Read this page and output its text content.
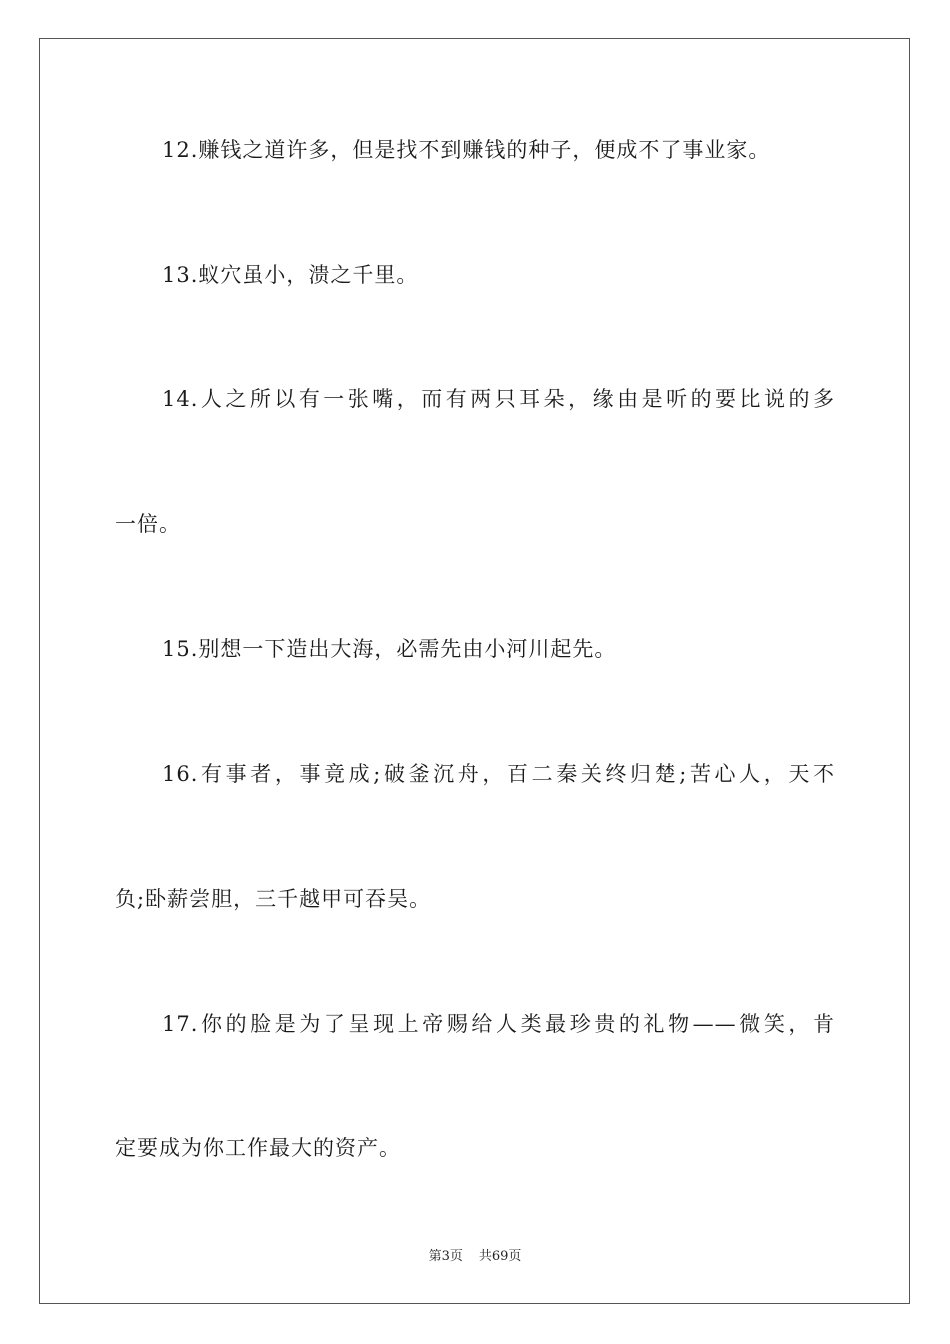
12.赚钱之道许多，但是找不到赚钱的种子，便成不了事业家。
13.蚁穴虽小，溃之千里。
14.人之所以有一张嘴，而有两只耳朵，缘由是听的要比说的多
一倍。
15.别想一下造出大海，必需先由小河川起先。
16.有事者，事竟成;破釜沉舟，百二秦关终归楚;苦心人，天不
负;卧薪尝胆，三千越甲可吞吴。
17.你的脸是为了呈现上帝赐给人类最珍贵的礼物——微笑，肯
定要成为你工作最大的资产。
第3页 共69页
